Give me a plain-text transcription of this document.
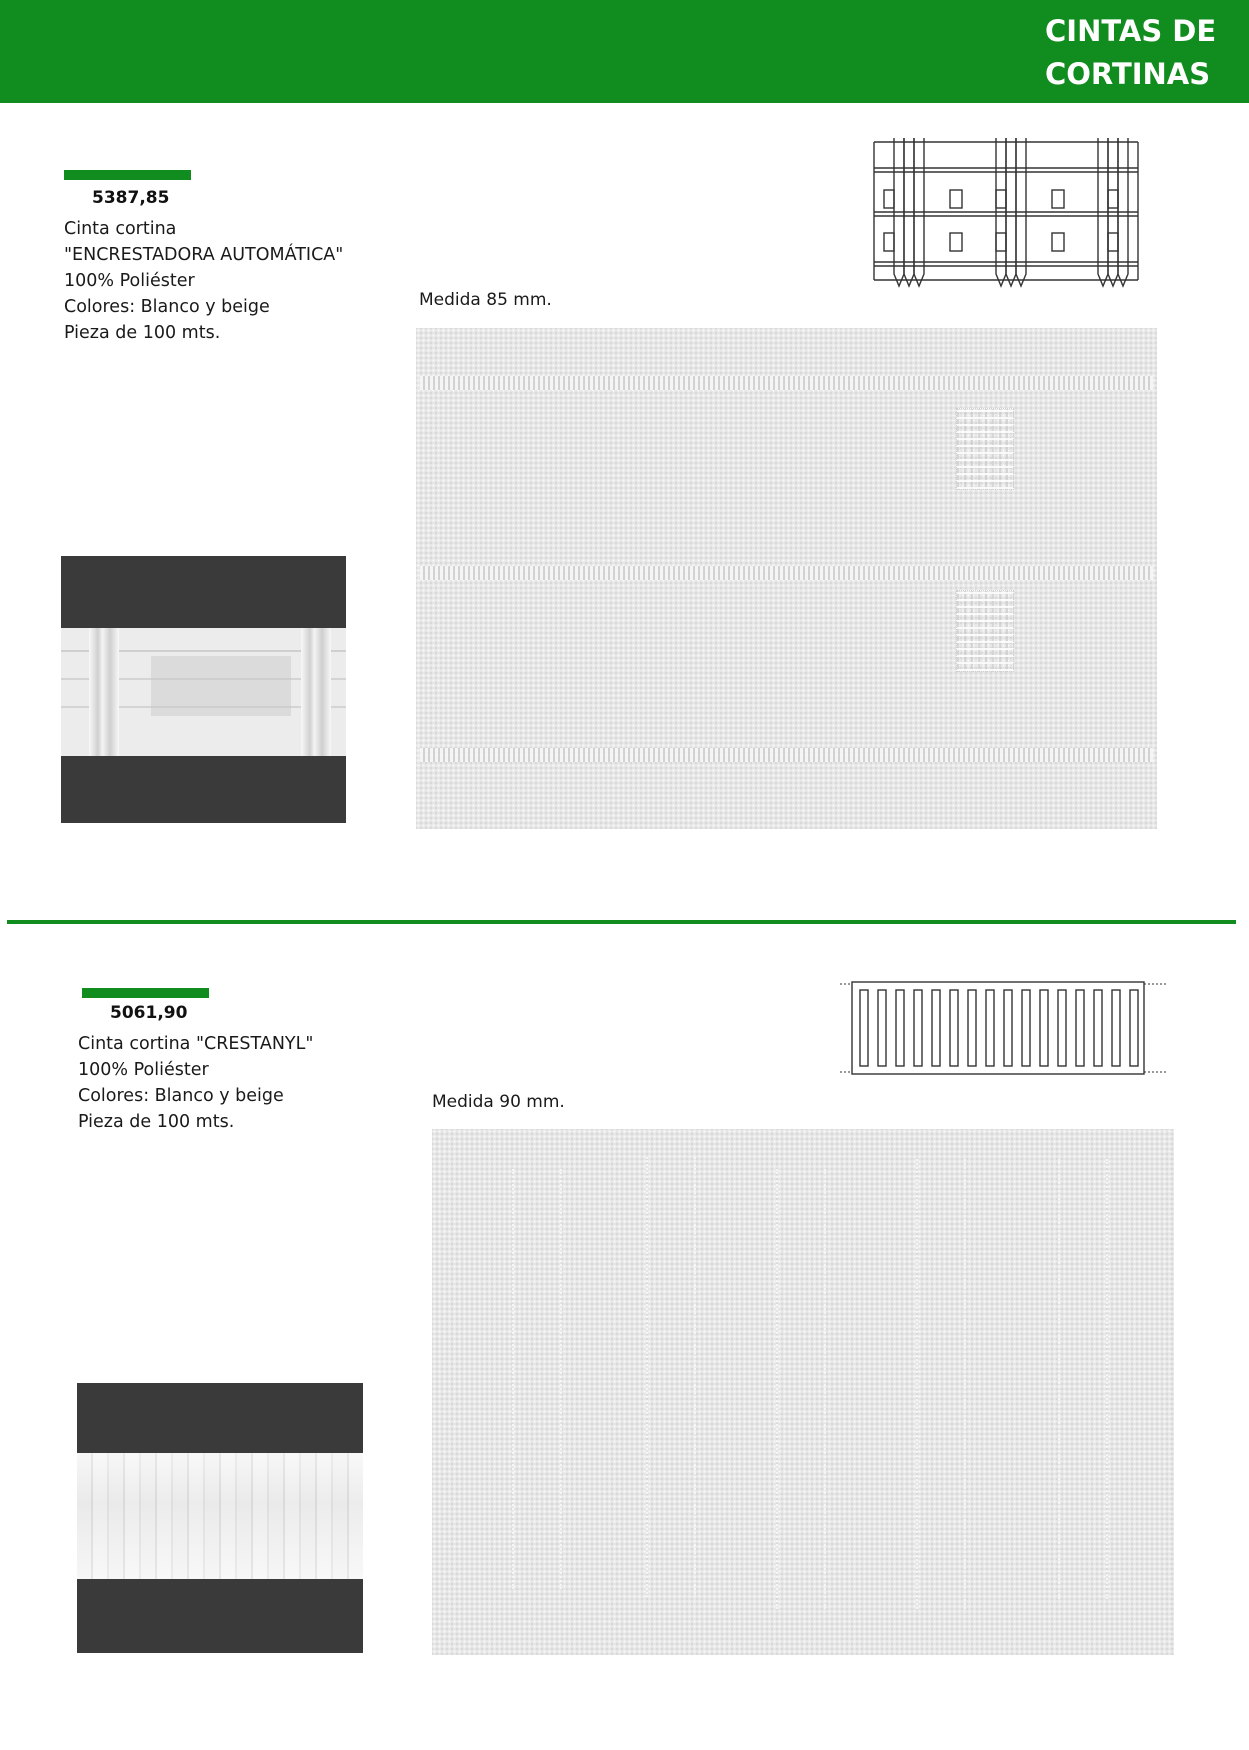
CINTAS DE
CORTINAS
5387,85
Cinta cortina
"ENCRESTADORA AUTOMÁTICA"
100% Poliéster
Colores: Blanco y beige
Pieza de 100 mts.
Medida 85 mm.
5061,90
Cinta cortina "CRESTANYL"
100% Poliéster
Colores: Blanco y beige
Pieza de 100 mts.
Medida 90 mm.
